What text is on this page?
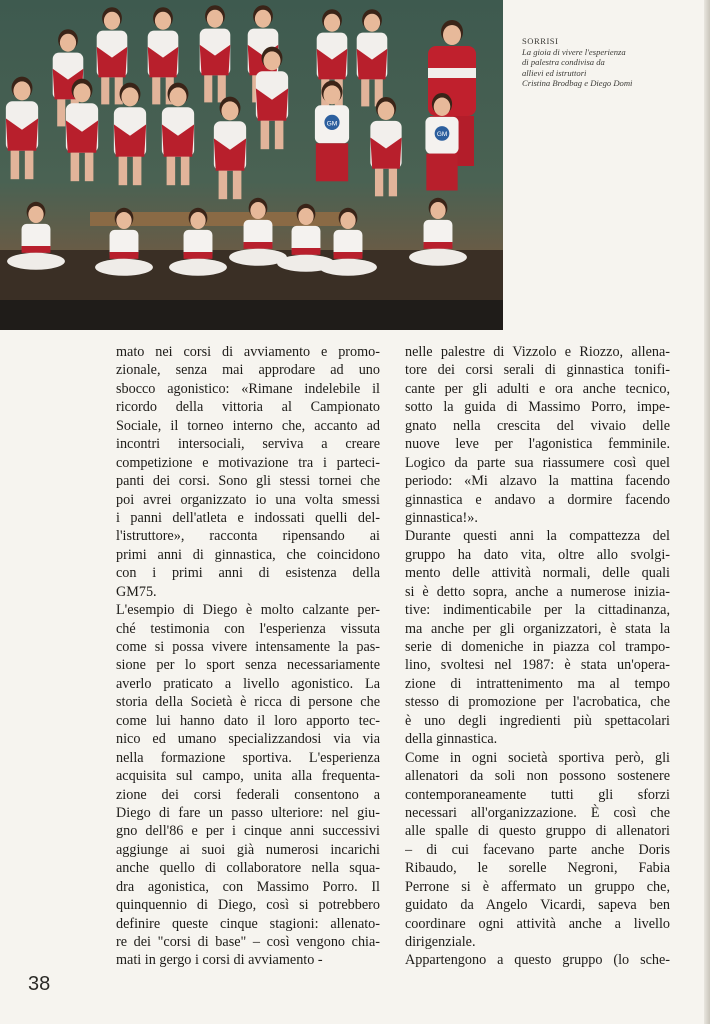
GM
GM
SORRISI
La gioia di vivere l'esperienza
di palestra condivisa da
allievi ed istruttori
Cristina Brodbag e Diego Domi
mato nei corsi di avviamento e promo-
zionale, senza mai approdare ad uno
sbocco agonistico: «Rimane indelebile il
ricordo della vittoria al Campionato
Sociale, il torneo interno che, accanto ad
incontri intersociali, serviva a creare
competizione e motivazione tra i parteci-
panti dei corsi. Sono gli stessi tornei che
poi avrei organizzato io una volta smessi
i panni dell'atleta e indossati quelli del-
l'istruttore», racconta ripensando ai
primi anni di ginnastica, che coincidono
con i primi anni di esistenza della
GM75.
L'esempio di Diego è molto calzante per-
ché testimonia con l'esperienza vissuta
come si possa vivere intensamente la pas-
sione per lo sport senza necessariamente
averlo praticato a livello agonistico. La
storia della Società è ricca di persone che
come lui hanno dato il loro apporto tec-
nico ed umano specializzandosi via via
nella formazione sportiva. L'esperienza
acquisita sul campo, unita alla frequenta-
zione dei corsi federali consentono a
Diego di fare un passo ulteriore: nel giu-
gno dell'86 e per i cinque anni successivi
aggiunge ai suoi già numerosi incarichi
anche quello di collaboratore nella squa-
dra agonistica, con Massimo Porro. Il
quinquennio di Diego, così si potrebbero
definire queste cinque stagioni: allenato-
re dei "corsi di base" – così vengono chia-
mati in gergo i corsi di avviamento -
nelle palestre di Vizzolo e Riozzo, allena-
tore dei corsi serali di ginnastica tonifi-
cante per gli adulti e ora anche tecnico,
sotto la guida di Massimo Porro, impe-
gnato nella crescita del vivaio delle
nuove leve per l'agonistica femminile.
Logico da parte sua riassumere così quel
periodo: «Mi alzavo la mattina facendo
ginnastica e andavo a dormire facendo
ginnastica!».
Durante questi anni la compattezza del
gruppo ha dato vita, oltre allo svolgi-
mento delle attività normali, delle quali
si è detto sopra, anche a numerose inizia-
tive: indimenticabile per la cittadinanza,
ma anche per gli organizzatori, è stata la
serie di domeniche in piazza col trampo-
lino, svoltesi nel 1987: è stata un'opera-
zione di intrattenimento ma al tempo
stesso di promozione per l'acrobatica, che
è uno degli ingredienti più spettacolari
della ginnastica.
Come in ogni società sportiva però, gli
allenatori da soli non possono sostenere
contemporaneamente tutti gli sforzi
necessari all'organizzazione. È così che
alle spalle di questo gruppo di allenatori
– di cui facevano parte anche Doris
Ribaudo, le sorelle Negroni, Fabia
Perrone si è affermato un gruppo che,
guidato da Angelo Vicardi, sapeva ben
coordinare ogni attività anche a livello
dirigenziale.
Appartengono a questo gruppo (lo sche-
38
